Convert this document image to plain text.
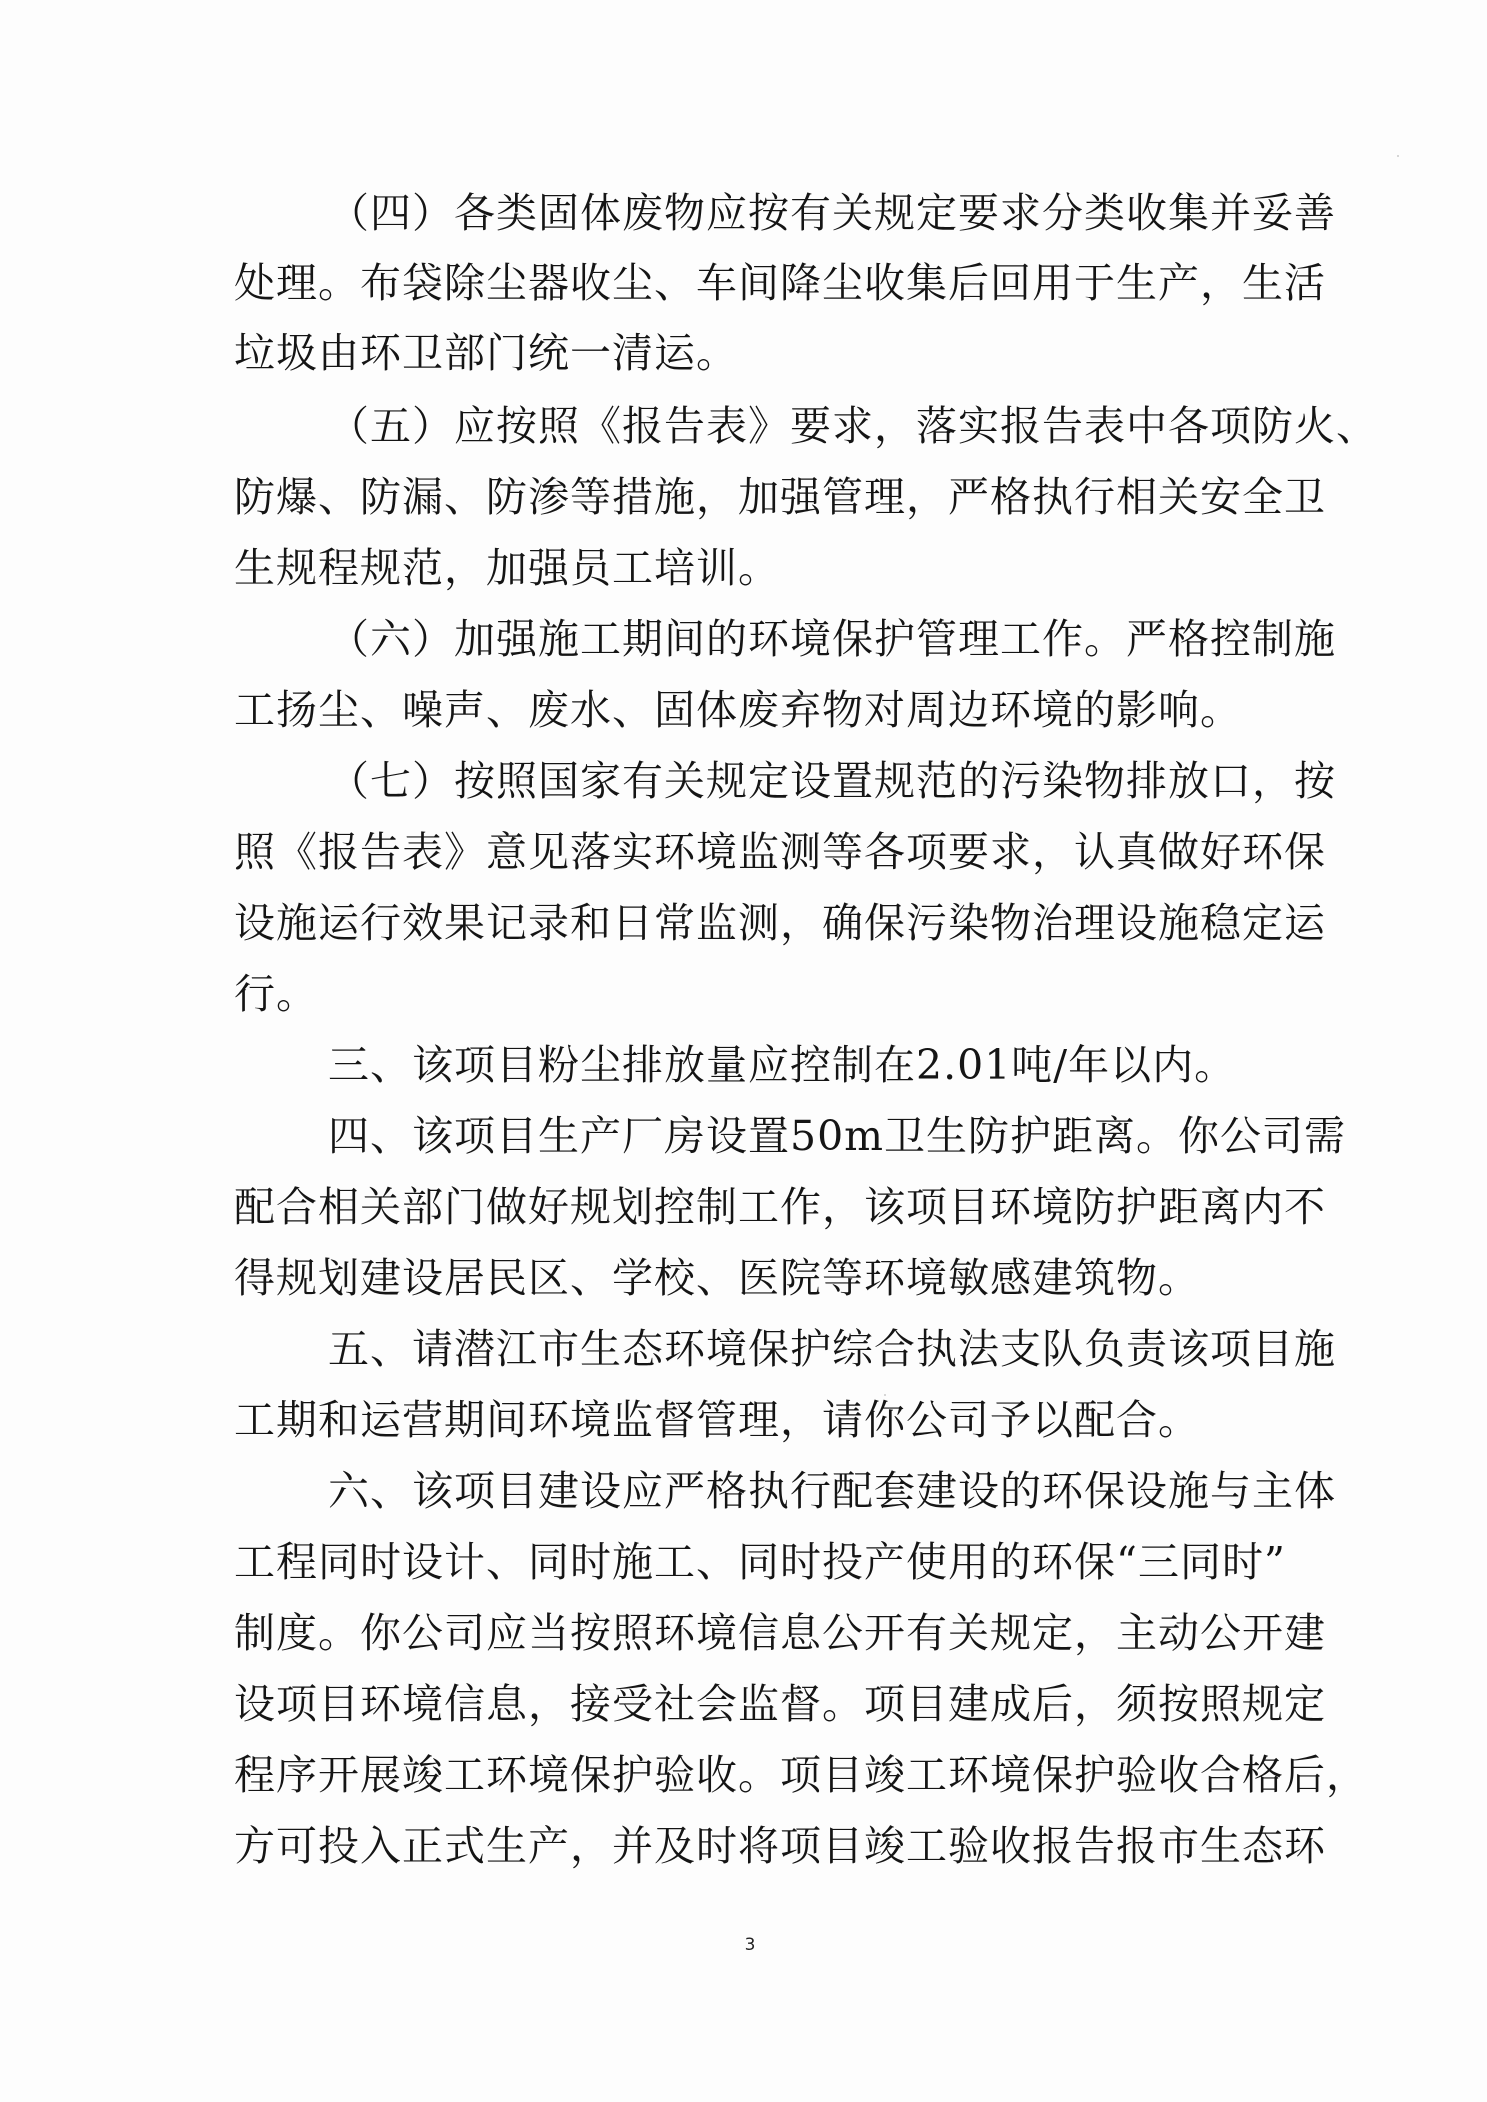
（四）各类固体废物应按有关规定要求分类收集并妥善
处理。布袋除尘器收尘、车间降尘收集后回用于生产，生活
垃圾由环卫部门统一清运。
（五）应按照《报告表》要求，落实报告表中各项防火、
防爆、防漏、防渗等措施，加强管理，严格执行相关安全卫
生规程规范，加强员工培训。
（六）加强施工期间的环境保护管理工作。严格控制施
工扬尘、噪声、废水、固体废弃物对周边环境的影响。
（七）按照国家有关规定设置规范的污染物排放口，按
照《报告表》意见落实环境监测等各项要求，认真做好环保
设施运行效果记录和日常监测，确保污染物治理设施稳定运
行。
三、该项目粉尘排放量应控制在2.01吨/年以内。
四、该项目生产厂房设置50m卫生防护距离。你公司需
配合相关部门做好规划控制工作，该项目环境防护距离内不
得规划建设居民区、学校、医院等环境敏感建筑物。
五、请潜江市生态环境保护综合执法支队负责该项目施
工期和运营期间环境监督管理，请你公司予以配合。
六、该项目建设应严格执行配套建设的环保设施与主体
工程同时设计、同时施工、同时投产使用的环保“三同时”
制度。你公司应当按照环境信息公开有关规定，主动公开建
设项目环境信息，接受社会监督。项目建成后，须按照规定
程序开展竣工环境保护验收。项目竣工环境保护验收合格后，
方可投入正式生产，并及时将项目竣工验收报告报市生态环
3
